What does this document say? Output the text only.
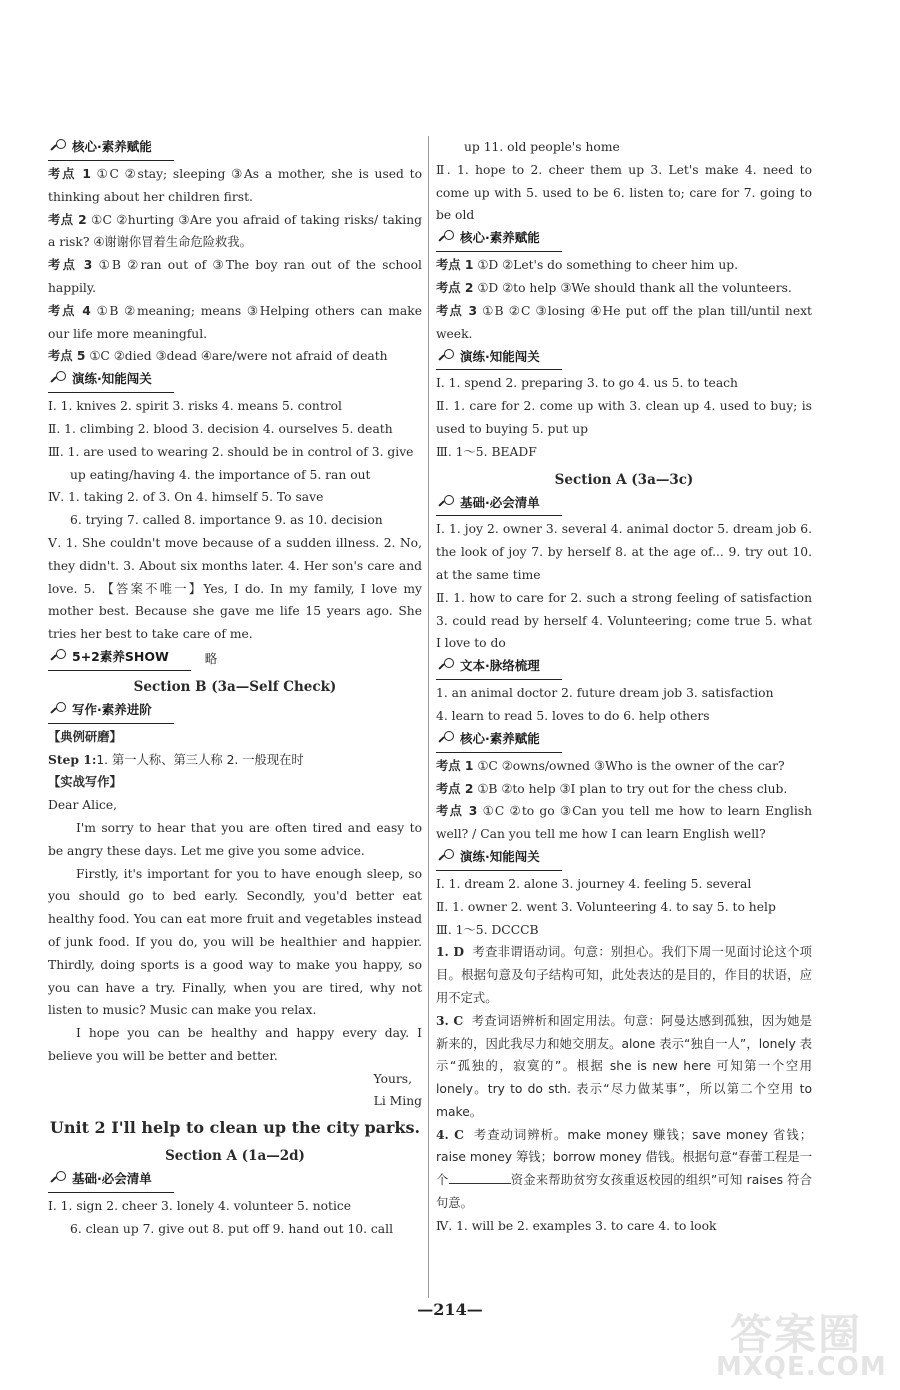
核心·素养赋能

考点 1 ①C ②stay; sleeping ③As a mother, she is used to thinking about her children first.

考点 2 ①C ②hurting ③Are you afraid of taking risks/ taking a risk? ④谢谢你冒着生命危险救我。

考点 3 ①B ②ran out of ③The boy ran out of the school happily.

考点 4 ①B ②meaning; means ③Helping others can make our life more meaningful.

考点 5 ①C ②died ③dead ④are/were not afraid of death

演练·知能闯关

Ⅰ. 1. knives 2. spirit 3. risks 4. means 5. control

Ⅱ. 1. climbing 2. blood 3. decision 4. ourselves 5. death

Ⅲ. 1. are used to wearing 2. should be in control of 3. give

up eating/having 4. the importance of 5. ran out

Ⅳ. 1. taking 2. of 3. On 4. himself 5. To save

6. trying 7. called 8. importance 9. as 10. decision

Ⅴ. 1. She couldn't move because of a sudden illness. 2. No, they didn't. 3. About six months later. 4. Her son's care and love. 5. 【答案不唯一】Yes, I do. In my family, I love my mother best. Because she gave me life 15 years ago. She tries her best to take care of me.

5+2素养SHOW	略
Section B (3a—Self Check)
写作·素养进阶

【典例研磨】

Step 1:1. 第一人称、第三人称 2. 一般现在时

【实战写作】

Dear Alice,

I'm sorry to hear that you are often tired and easy to be angry these days. Let me give you some advice.

Firstly, it's important for you to have enough sleep, so you should go to bed early. Secondly, you'd better eat healthy food. You can eat more fruit and vegetables instead of junk food. If you do, you will be healthier and happier. Thirdly, doing sports is a good way to make you happy, so you can have a try. Finally, when you are tired, why not listen to music? Music can make you relax.

I hope you can be healthy and happy every day. I believe you will be better and better.

Yours,

Li Ming

Unit 2 I'll help to clean up the city parks.
Section A (1a—2d)
基础·必会清单

Ⅰ. 1. sign 2. cheer 3. lonely 4. volunteer 5. notice

6. clean up 7. give out 8. put off 9. hand out 10. call

up 11. old people's home

Ⅱ. 1. hope to 2. cheer them up 3. Let's make 4. need to come up with 5. used to be 6. listen to; care for 7. going to be old

核心·素养赋能

考点 1 ①D ②Let's do something to cheer him up.

考点 2 ①D ②to help ③We should thank all the volunteers.

考点 3 ①B ②C ③losing ④He put off the plan till/until next week.

演练·知能闯关

Ⅰ. 1. spend 2. preparing 3. to go 4. us 5. to teach

Ⅱ. 1. care for 2. come up with 3. clean up 4. used to buy; is used to buying 5. put up

Ⅲ. 1～5. BEADF

Section A (3a—3c)
基础·必会清单

Ⅰ. 1. joy 2. owner 3. several 4. animal doctor 5. dream job 6. the look of joy 7. by herself 8. at the age of... 9. try out 10. at the same time

Ⅱ. 1. how to care for 2. such a strong feeling of satisfaction 3. could read by herself 4. Volunteering; come true 5. what I love to do

文本·脉络梳理

1. an animal doctor 2. future dream job 3. satisfaction

4. learn to read 5. loves to do 6. help others

核心·素养赋能

考点 1 ①C ②owns/owned ③Who is the owner of the car?

考点 2 ①B ②to help ③I plan to try out for the chess club.

考点 3 ①C ②to go ③Can you tell me how to learn English well? / Can you tell me how I can learn English well?

演练·知能闯关

Ⅰ. 1. dream 2. alone 3. journey 4. feeling 5. several

Ⅱ. 1. owner 2. went 3. Volunteering 4. to say 5. to help

Ⅲ. 1～5. DCCCB

1. D 考查非谓语动词。句意：别担心。我们下周一见面讨论这个项目。根据句意及句子结构可知，此处表达的是目的，作目的状语，应用不定式。

3. C 考查词语辨析和固定用法。句意：阿曼达感到孤独，因为她是新来的，因此我尽力和她交朋友。alone 表示“独自一人”，lonely 表示“孤独的，寂寞的”。根据 she is new here 可知第一个空用 lonely。try to do sth. 表示“尽力做某事”，所以第二个空用 to make。

4. C 考查动词辨析。make money 赚钱；save money 省钱；raise money 筹钱；borrow money 借钱。根据句意“春蕾工程是一个	资金来帮助贫穷女孩重返校园的组织”可知 raises 符合句意。

Ⅳ. 1. will be 2. examples 3. to care 4. to look

—214—
答案圈
MXQE.COM
